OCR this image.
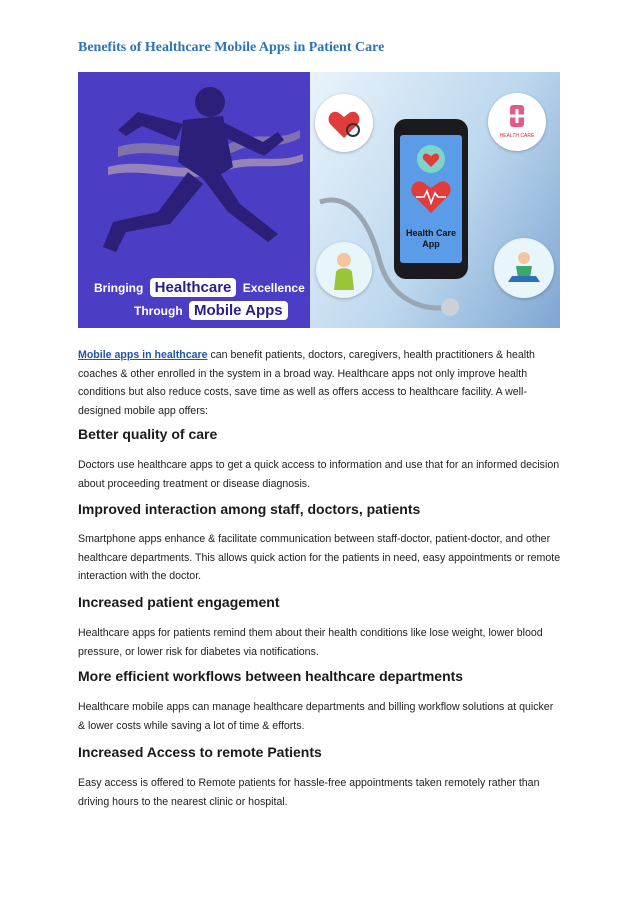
Benefits of Healthcare Mobile Apps in Patient Care
Bringing Healthcare Excellence
Through Mobile Apps
HEALTH CARE
Health Care App
Mobile apps in healthcare can benefit patients, doctors, caregivers, health practitioners & health coaches & other enrolled in the system in a broad way. Healthcare apps not only improve health conditions but also reduce costs, save time as well as offers access to healthcare facility. A well-designed mobile app offers:
Better quality of care
Doctors use healthcare apps to get a quick access to information and use that for an informed decision about proceeding treatment or disease diagnosis.
Improved interaction among staff, doctors, patients
Smartphone apps enhance & facilitate communication between staff-doctor, patient-doctor, and other healthcare departments. This allows quick action for the patients in need, easy appointments or remote interaction with the doctor.
Increased patient engagement
Healthcare apps for patients remind them about their health conditions like lose weight, lower blood pressure, or lower risk for diabetes via notifications.
More efficient workflows between healthcare departments
Healthcare mobile apps can manage healthcare departments and billing workflow solutions at quicker & lower costs while saving a lot of time & efforts.
Increased Access to remote Patients
Easy access is offered to Remote patients for hassle-free appointments taken remotely rather than driving hours to the nearest clinic or hospital.
